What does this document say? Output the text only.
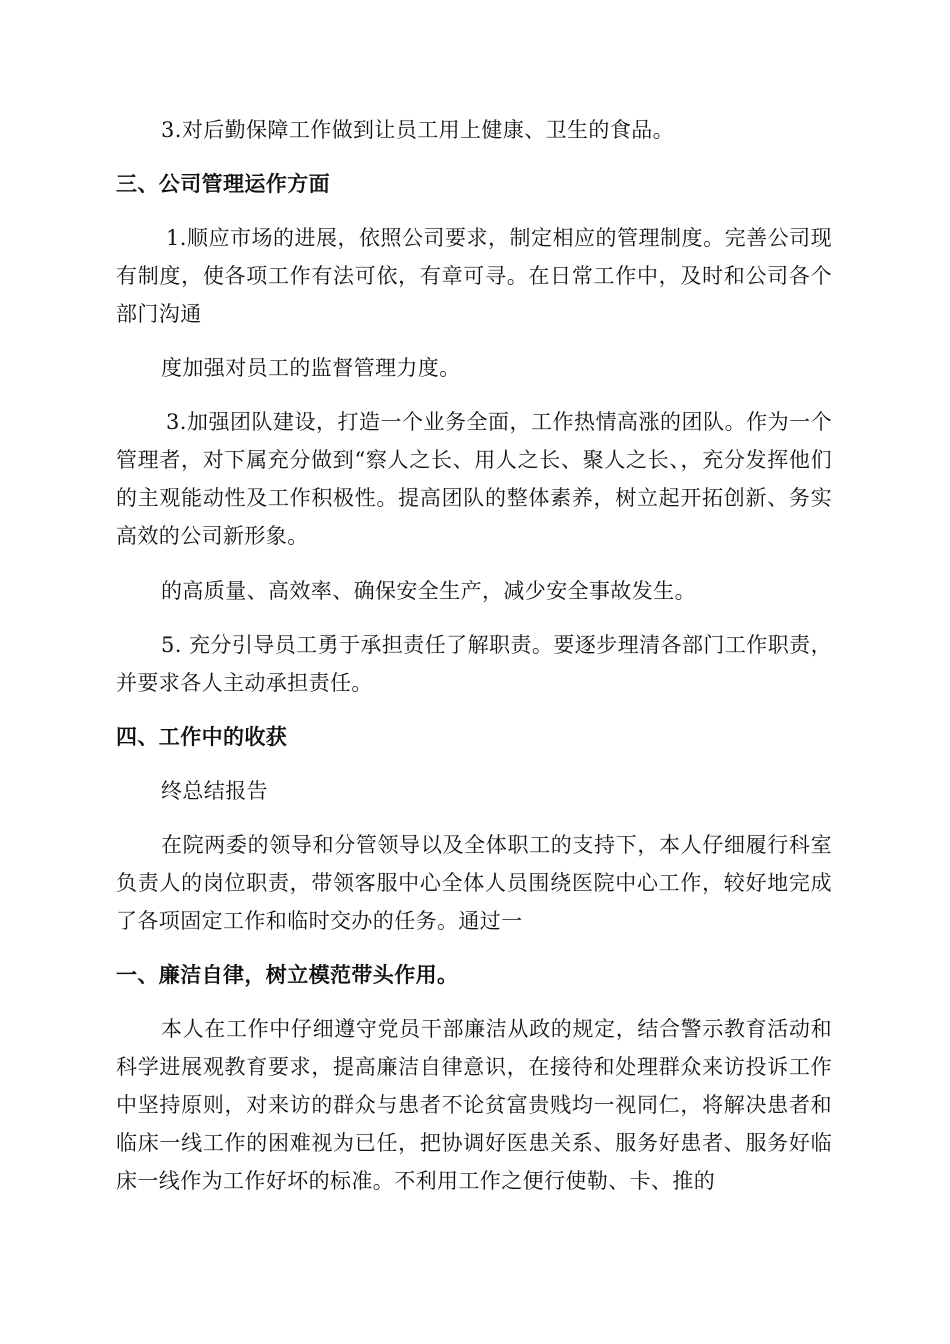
3.对后勤保障工作做到让员工用上健康、卫生的食品。

三、公司管理运作方面

1.顺应市场的进展，依照公司要求，制定相应的管理制度。完善公司现有制度，使各项工作有法可依，有章可寻。在日常工作中，及时和公司各个部门沟通

度加强对员工的监督管理力度。

3.加强团队建设，打造一个业务全面，工作热情高涨的团队。作为一个管理者，对下属充分做到“察人之长、用人之长、聚人之长、，充分发挥他们的主观能动性及工作积极性。提高团队的整体素养，树立起开拓创新、务实高效的公司新形象。

的高质量、高效率、确保安全生产，减少安全事故发生。

5. 充分引导员工勇于承担责任了解职责。要逐步理清各部门工作职责，并要求各人主动承担责任。

四、工作中的收获

终总结报告

在院两委的领导和分管领导以及全体职工的支持下，本人仔细履行科室负责人的岗位职责，带领客服中心全体人员围绕医院中心工作，较好地完成了各项固定工作和临时交办的任务。通过一

一、廉洁自律，树立模范带头作用。

本人在工作中仔细遵守党员干部廉洁从政的规定，结合警示教育活动和科学进展观教育要求，提高廉洁自律意识，在接待和处理群众来访投诉工作中坚持原则，对来访的群众与患者不论贫富贵贱均一视同仁，将解决患者和临床一线工作的困难视为已任，把协调好医患关系、服务好患者、服务好临床一线作为工作好坏的标准。不利用工作之便行使勒、卡、推的
